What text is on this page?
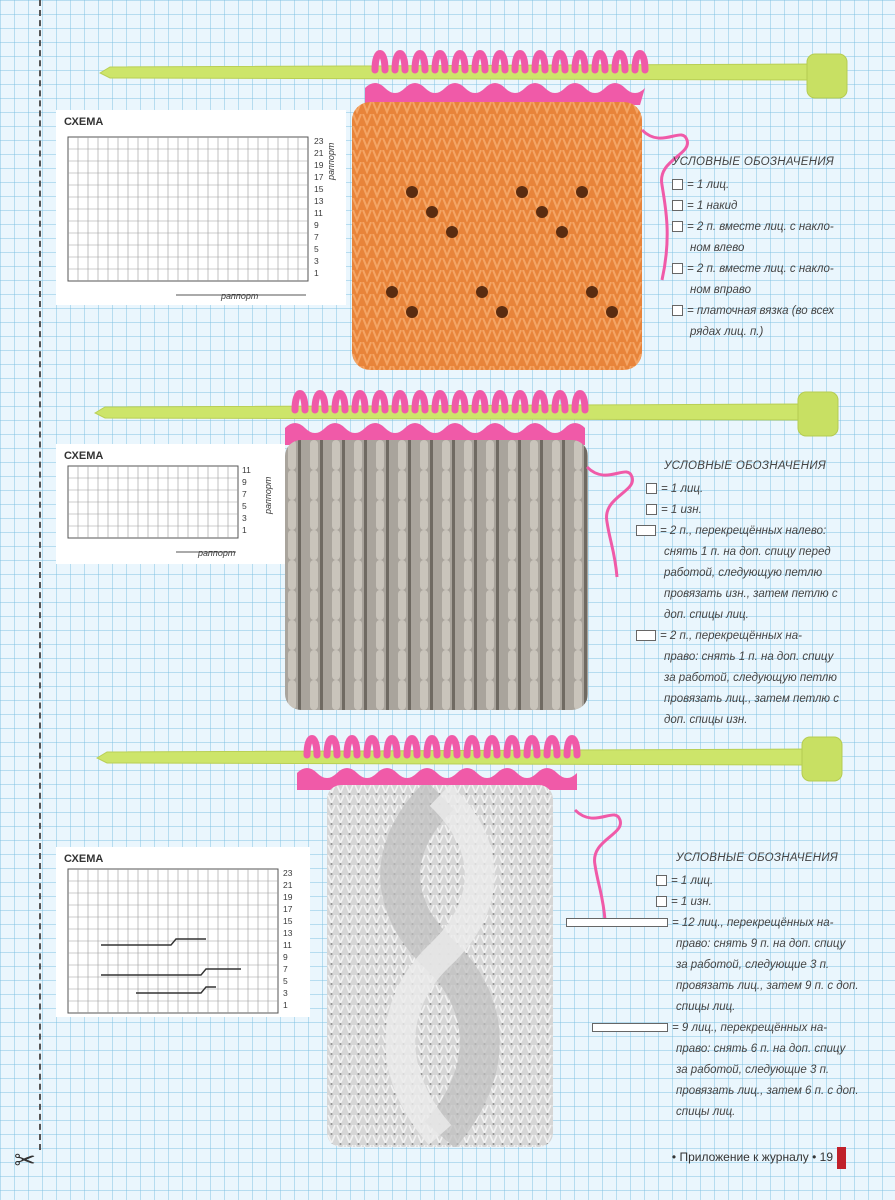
✂
СХЕМА
23
21
19
17
15
13
11
9
7
5
3
1
раппорт
раппорт
УСЛОВНЫЕ ОБОЗНАЧЕНИЯ
= 1 лиц.
= 1 накид
= 2 п. вместе лиц. с накло-
ном влево
= 2 п. вместе лиц. с накло-
ном вправо
= платочная вязка (во всех
рядах лиц. п.)
СХЕМА
11
9
7
5
3
1
раппорт
раппорт
УСЛОВНЫЕ ОБОЗНАЧЕНИЯ
= 1 лиц.
= 1 изн.
= 2 п., перекрещённых налево:
снять 1 п. на доп. спицу перед
работой, следующую петлю
провязать изн., затем петлю с
доп. спицы лиц.
= 2 п., перекрещённых на-
право: снять 1 п. на доп. спицу
за работой, следующую петлю
провязать лиц., затем петлю с
доп. спицы изн.
СХЕМА
23
21
19
17
15
13
11
9
7
5
3
1
УСЛОВНЫЕ ОБОЗНАЧЕНИЯ
= 1 лиц.
= 1 изн.
= 12 лиц., перекрещённых на-
право: снять 9 п. на доп. спицу
за работой, следующие 3 п.
провязать лиц., затем 9 п. с доп.
спицы лиц.
= 9 лиц., перекрещённых на-
право: снять 6 п. на доп. спицу
за работой, следующие 3 п.
провязать лиц., затем 6 п. с доп.
спицы лиц.
• Приложение к журналу • 19
